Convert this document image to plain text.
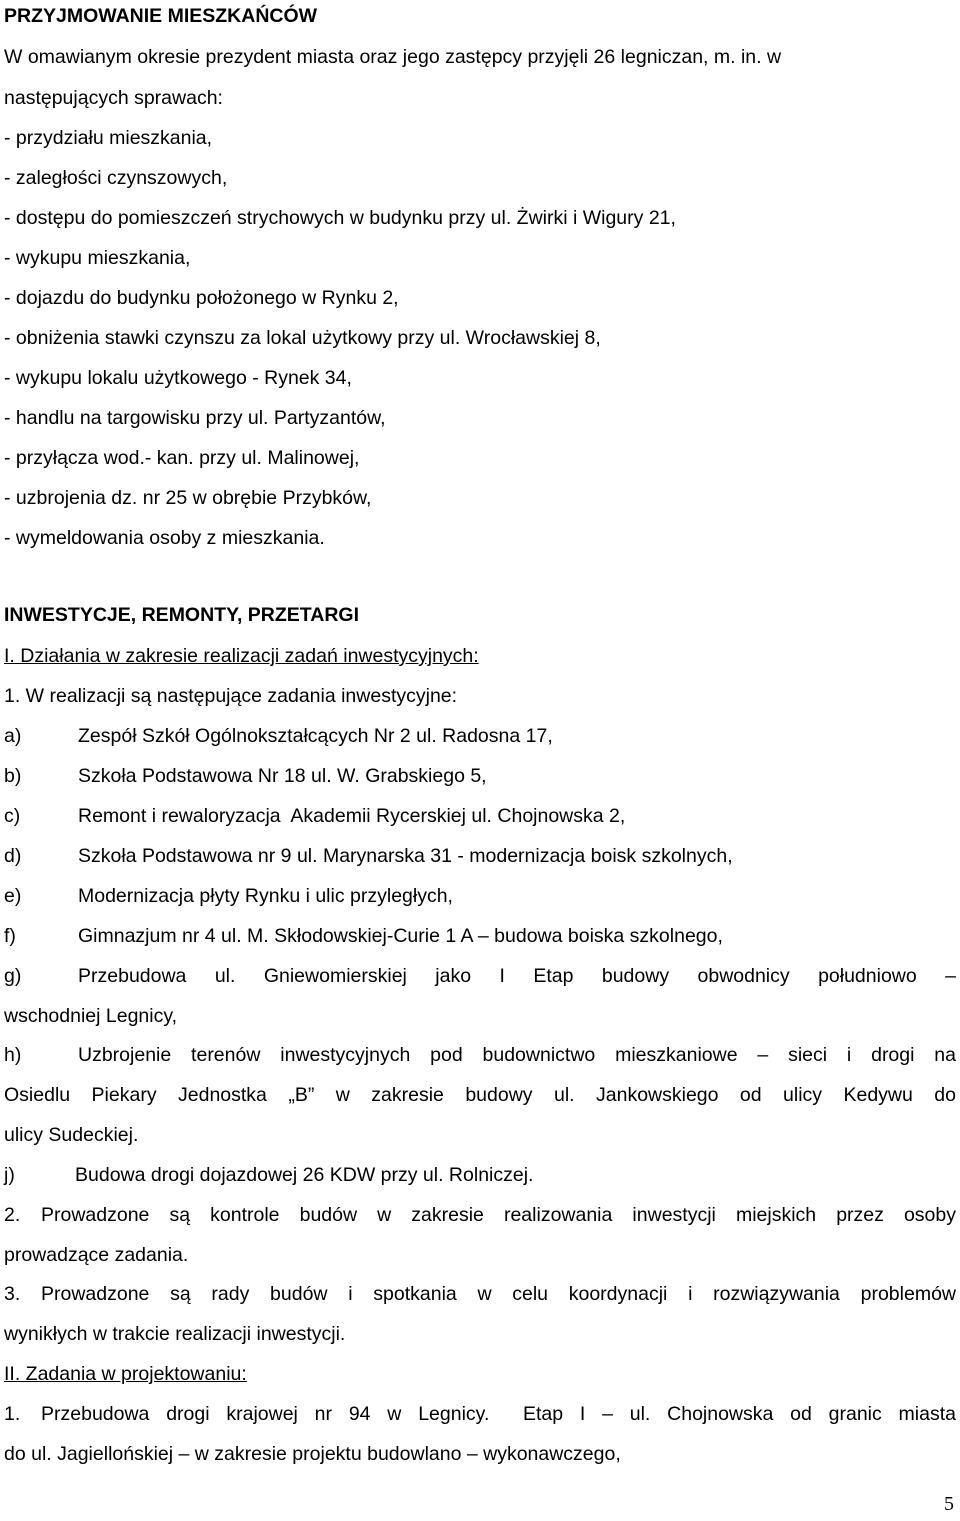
PRZYJMOWANIE MIESZKAŃCÓW
W omawianym okresie prezydent miasta oraz jego zastępcy przyjęli 26 legniczan, m. in. w
następujących sprawach:
- przydziału mieszkania,
- zaległości czynszowych,
- dostępu do pomieszczeń strychowych w budynku przy ul. Żwirki i Wigury 21,
- wykupu mieszkania,
- dojazdu do budynku położonego w Rynku 2,
- obniżenia stawki czynszu za lokal użytkowy przy ul. Wrocławskiej 8,
- wykupu lokalu użytkowego - Rynek 34,
- handlu na targowisku przy ul. Partyzantów,
- przyłącza wod.- kan. przy ul. Malinowej,
- uzbrojenia dz. nr 25 w obrębie Przybków,
- wymeldowania osoby z mieszkania.
INWESTYCJE, REMONTY, PRZETARGI
I. Działania w zakresie realizacji zadań inwestycyjnych:
1. W realizacji są następujące zadania inwestycyjne:
a)	Zespół Szkół Ogólnokształcących Nr 2 ul. Radosna 17,
b)	Szkoła Podstawowa Nr 18 ul. W. Grabskiego 5,
c)	Remont i rewaloryzacja  Akademii Rycerskiej ul. Chojnowska 2,
d)	Szkoła Podstawowa nr 9 ul. Marynarska 31 - modernizacja boisk szkolnych,
e)	Modernizacja płyty Rynku i ulic przyległych,
f)	Gimnazjum nr 4 ul. M. Skłodowskiej-Curie 1 A – budowa boiska szkolnego,
g)	Przebudowa ul. Gniewomierskiej jako I Etap budowy obwodnicy południowo –
wschodniej Legnicy,
h)	Uzbrojenie terenów inwestycyjnych pod budownictwo mieszkaniowe – sieci i drogi na
Osiedlu Piekary Jednostka „B” w zakresie budowy ul. Jankowskiego od ulicy Kedywu do
ulicy Sudeckiej.
j)	Budowa drogi dojazdowej 26 KDW przy ul. Rolniczej.
2. Prowadzone są kontrole budów w zakresie realizowania inwestycji miejskich przez osoby
prowadzące zadania.
3. Prowadzone są rady budów i spotkania w celu koordynacji i rozwiązywania problemów
wynikłych w trakcie realizacji inwestycji.
II. Zadania w projektowaniu:
1. Przebudowa drogi krajowej nr 94 w Legnicy.  Etap I – ul. Chojnowska od granic miasta
do ul. Jagiellońskiej – w zakresie projektu budowlano – wykonawczego,
5
